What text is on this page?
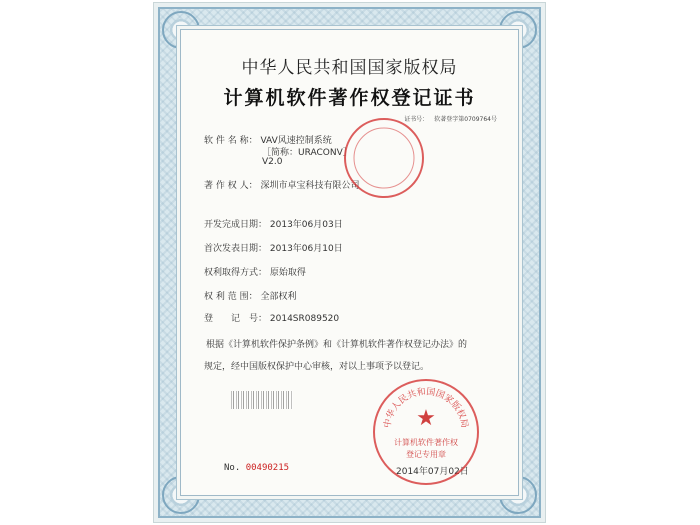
中华人民共和国国家版权局
计算机软件著作权登记证书
证书号： 软著登字第0709764号
软 件 名 称： VAV风速控制系统
［简称：URACONV］
V2.0
著 作 权 人： 深圳市卓宝科技有限公司
开发完成日期： 2013年06月03日
首次发表日期： 2013年06月10日
权利取得方式： 原始取得
权 利 范 围： 全部权利
登　　记　号： 2014SR089520
根据《计算机软件保护条例》和《计算机软件著作权登记办法》的
规定，经中国版权保护中心审核，对以上事项予以登记。
No. 00490215	2014年07月02日
中华人民共和国国家版权局
★
计算机软件著作权
登记专用章
